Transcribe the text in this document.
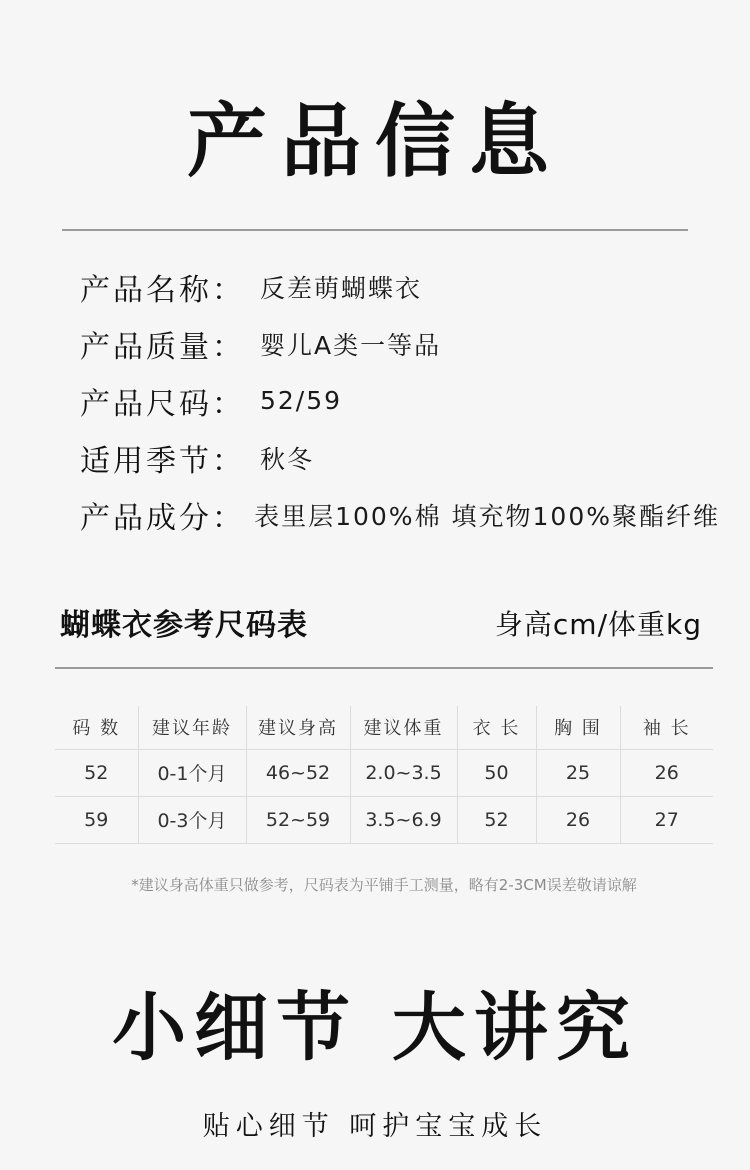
产品信息
产品名称： 反差萌蝴蝶衣
产品质量： 婴儿A类一等品
产品尺码： 52/59
适用季节： 秋冬
产品成分： 表里层100%棉 填充物100%聚酯纤维
蝴蝶衣参考尺码表	身高cm/体重kg
码 数	建议年龄	建议身高	建议体重	衣 长	胸 围	袖 长
52	0-1个月	46~52	2.0~3.5	50	25	26
59	0-3个月	52~59	3.5~6.9	52	26	27
*建议身高体重只做参考，尺码表为平铺手工测量，略有2-3CM误差敬请谅解
小细节 大讲究
贴心细节 呵护宝宝成长
